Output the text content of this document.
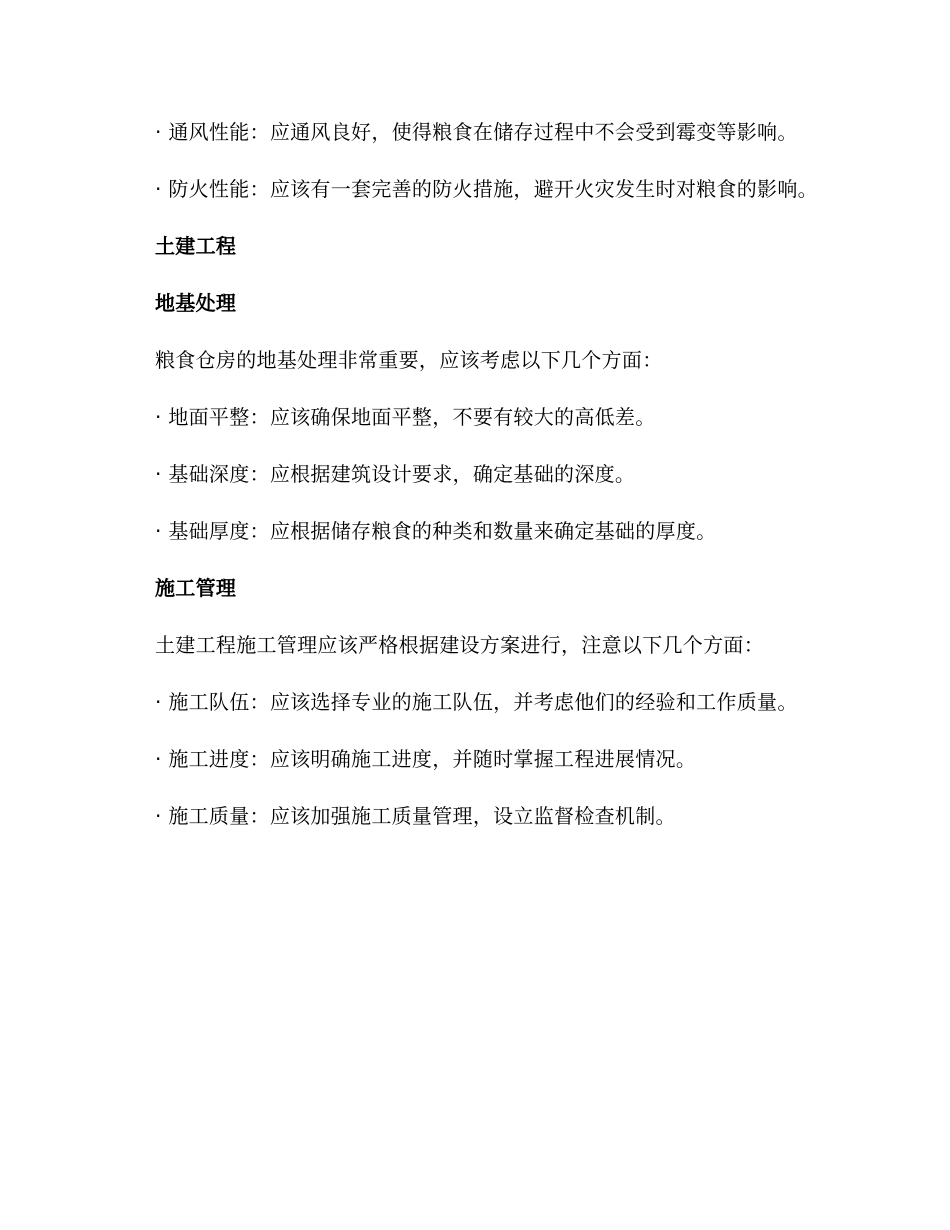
· 通风性能：应通风良好，使得粮食在储存过程中不会受到霉变等影响。

· 防火性能：应该有一套完善的防火措施，避开火灾发生时对粮食的影响。

土建工程
地基处理

粮食仓房的地基处理非常重要，应该考虑以下几个方面：

· 地面平整：应该确保地面平整，不要有较大的高低差。

· 基础深度：应根据建筑设计要求，确定基础的深度。

· 基础厚度：应根据储存粮食的种类和数量来确定基础的厚度。

施工管理

土建工程施工管理应该严格根据建设方案进行，注意以下几个方面：

· 施工队伍：应该选择专业的施工队伍，并考虑他们的经验和工作质量。

· 施工进度：应该明确施工进度，并随时掌握工程进展情况。

· 施工质量：应该加强施工质量管理，设立监督检查机制。
